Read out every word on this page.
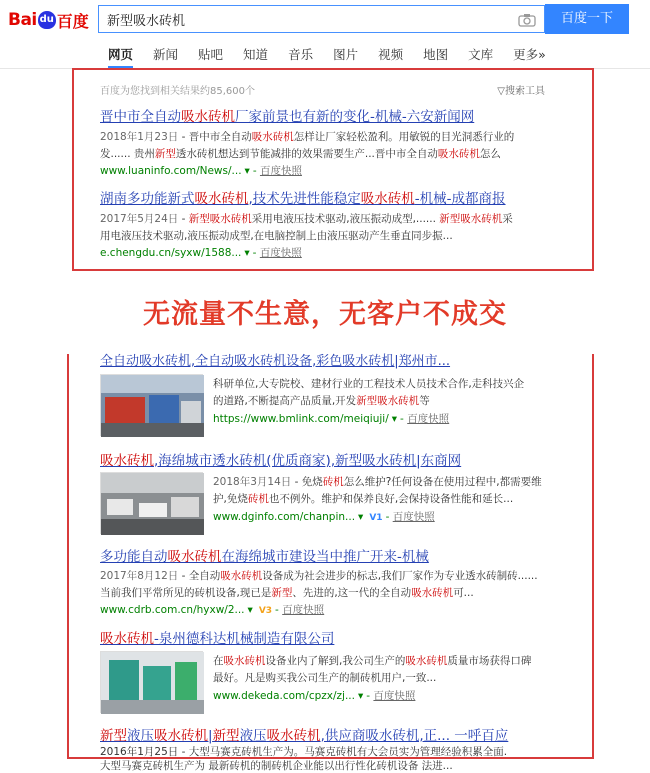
Bai du 百度
新型吸水砖机	百度一下
网页 新闻 贴吧 知道 音乐 图片 视频 地图 文库 更多»
百度为您找到相关结果约85,600个	▽搜索工具
晋中市全自动吸水砖机厂家前景也有新的变化-机械-六安新闻网
2018年1月23日 - 晋中市全自动吸水砖机怎样让厂家轻松盈利。用敏锐的目光洞悉行业的
发...... 贵州新型透水砖机想达到节能减排的效果需要生产...晋中市全自动吸水砖机怎么
www.luaninfo.com/News/... ▾ - 百度快照
湖南多功能新式吸水砖机,技术先进性能稳定吸水砖机-机械-成都商报
2017年5月24日 - 新型吸水砖机采用电液压技术驱动,液压振动成型,...... 新型吸水砖机采
用电液压技术驱动,液压振动成型,在电脑控制上由液压驱动产生垂直同步振...
e.chengdu.cn/syxw/1588... ▾ - 百度快照
无流量不生意，无客户不成交
全自动吸水砖机,全自动吸水砖机设备,彩色吸水砖机|郑州市...
科研单位,大专院校、建材行业的工程技术人员技术合作,走科技兴企
的道路,不断提高产品质量,开发新型吸水砖机等
https://www.bmlink.com/meiqiuji/ ▾ - 百度快照
吸水砖机,海绵城市透水砖机(优质商家),新型吸水砖机|东商网
2018年3月14日 - 免烧砖机怎么维护?任何设备在使用过程中,都需要维
护,免烧砖机也不例外。维护和保养良好,会保持设备性能和延长...
www.dginfo.com/chanpin... ▾ V1 - 百度快照
多功能自动吸水砖机在海绵城市建设当中推广开来-机械
2017年8月12日 - 全自动吸水砖机设备成为社会进步的标志,我们厂家作为专业透水砖制砖......
当前我们平常所见的砖机设备,现已是新型、先进的,这一代的全自动吸水砖机可...
www.cdrb.com.cn/hyxw/2... ▾ V3 - 百度快照
吸水砖机-泉州德科达机械制造有限公司
在吸水砖机设备业内了解到,我公司生产的吸水砖机质量市场获得口碑
最好。凡是购买我公司生产的制砖机用户,一致...
www.dekeda.com/cpzx/zj... ▾ - 百度快照
新型液压吸水砖机|新型液压吸水砖机,供应商吸水砖机,正... 一呼百应
2016年1月25日 - 大型马赛克砖机生产为。马赛克砖机有大会员实为管理经验积累全面.
大型马赛克砖机生产为 最新砖机的制砖机企业能以出行性化砖机设备 法进...
